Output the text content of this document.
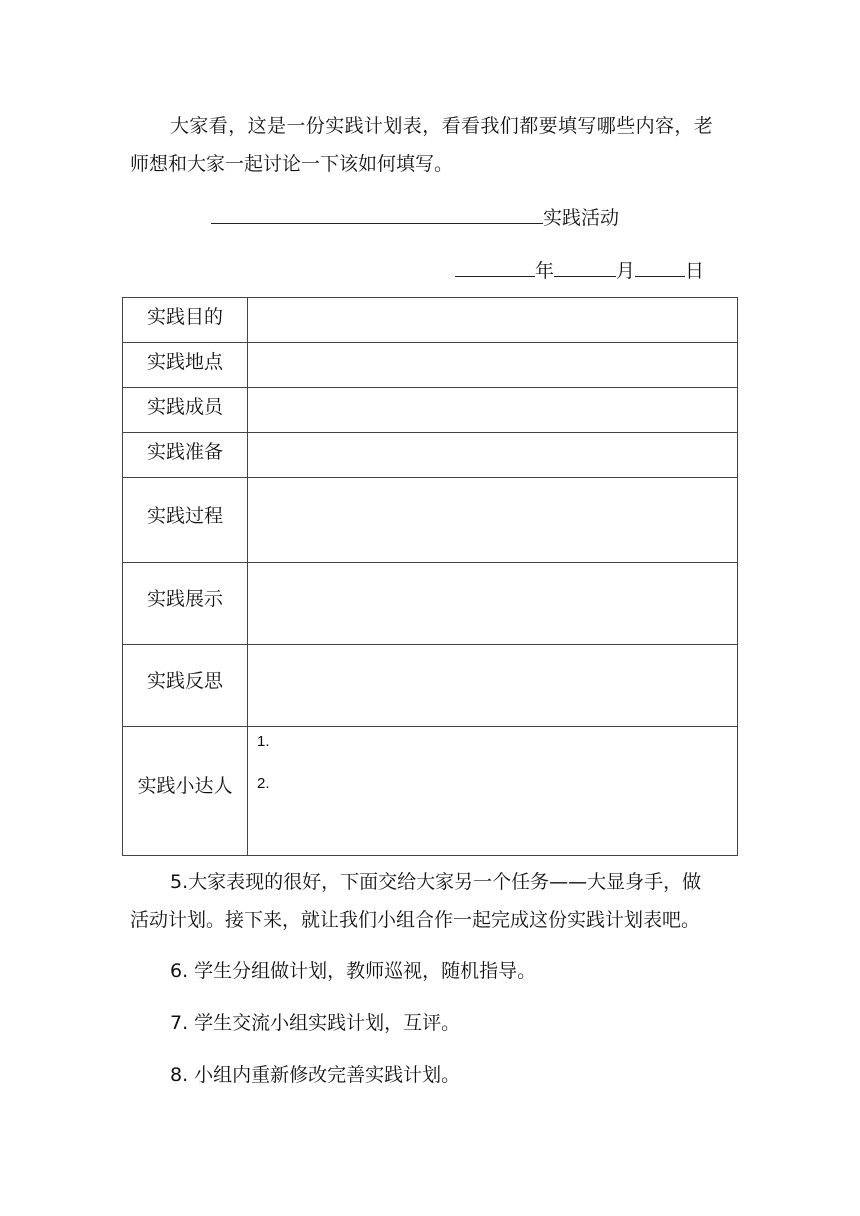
大家看，这是一份实践计划表，看看我们都要填写哪些内容，老
师想和大家一起讨论一下该如何填写。
实践活动
年	月	日
实践目的	

实践地点	

实践成员	

实践准备	

实践过程	

实践展示	

实践反思	

实践小达人	1.
2.
5.大家表现的很好，下面交给大家另一个任务——大显身手，做
活动计划。接下来，就让我们小组合作一起完成这份实践计划表吧。
6. 学生分组做计划，教师巡视，随机指导。
7. 学生交流小组实践计划，互评。
8. 小组内重新修改完善实践计划。
